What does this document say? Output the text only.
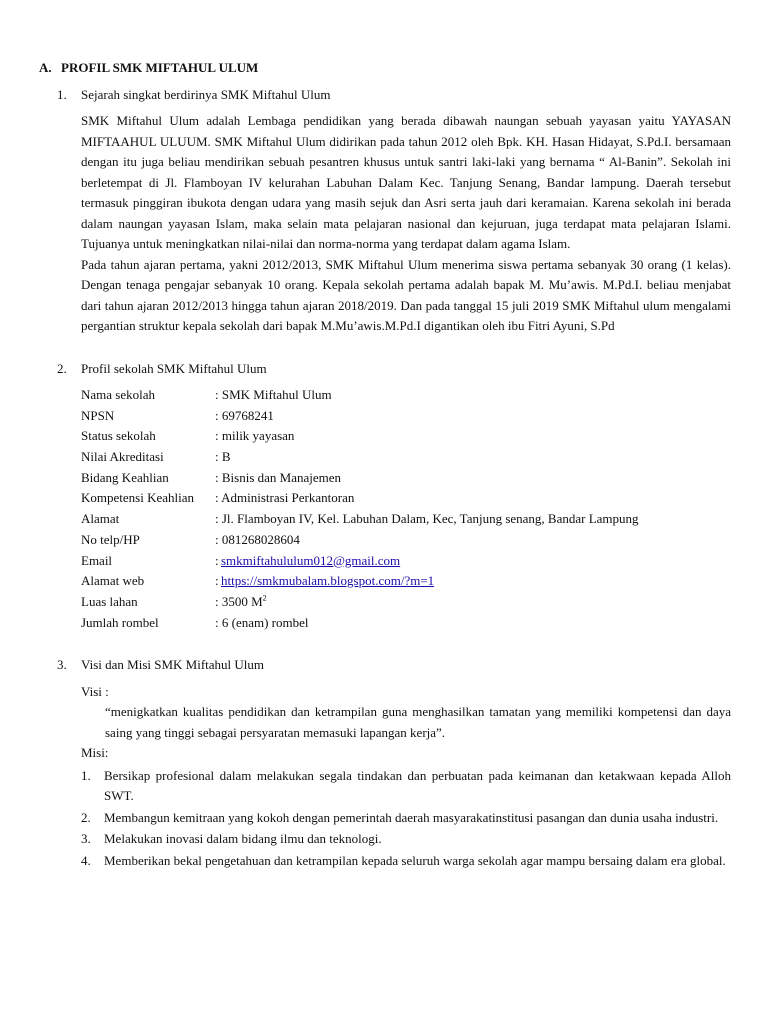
A. PROFIL SMK MIFTAHUL ULUM
1.	Sejarah singkat berdirinya SMK Miftahul Ulum

SMK Miftahul Ulum adalah Lembaga pendidikan yang berada dibawah naungan sebuah yayasan yaitu YAYASAN MIFTAAHUL ULUUM. SMK Miftahul Ulum didirikan pada tahun 2012 oleh Bpk. KH. Hasan Hidayat, S.Pd.I. bersamaan dengan itu juga beliau mendirikan sebuah pesantren khusus untuk santri laki-laki yang bernama “ Al-Banin”. Sekolah ini berletempat di Jl. Flamboyan IV kelurahan Labuhan Dalam Kec. Tanjung Senang, Bandar lampung. Daerah tersebut termasuk pinggiran ibukota dengan udara yang masih sejuk dan Asri serta jauh dari keramaian. Karena sekolah ini berada dalam naungan yayasan Islam, maka selain mata pelajaran nasional dan kejuruan, juga terdapat mata pelajaran Islami. Tujuanya untuk meningkatkan nilai-nilai dan norma-norma yang terdapat dalam agama Islam.

Pada tahun ajaran pertama, yakni 2012/2013, SMK Miftahul Ulum menerima siswa pertama sebanyak 30 orang (1 kelas). Dengan tenaga pengajar sebanyak 10 orang. Kepala sekolah pertama adalah bapak M. Mu’awis. M.Pd.I. beliau menjabat dari tahun ajaran 2012/2013 hingga tahun ajaran 2018/2019. Dan pada tanggal 15 juli 2019 SMK Miftahul ulum mengalami pergantian struktur kepala sekolah dari bapak M.Mu’awis.M.Pd.I digantikan oleh ibu Fitri Ayuni, S.Pd

2.	Profil sekolah SMK Miftahul Ulum
Nama sekolah	: SMK Miftahul Ulum
NPSN	: 69768241
Status sekolah	: milik yayasan
Nilai Akreditasi	: B
Bidang Keahlian	: Bisnis dan Manajemen
Kompetensi Keahlian	: Administrasi Perkantoran
Alamat	: Jl. Flamboyan IV, Kel. Labuhan Dalam, Kec, Tanjung senang, Bandar Lampung
No telp/HP	: 081268028604
Email	: smkmiftahululum012@gmail.com
Alamat web	: https://smkmubalam.blogspot.com/?m=1
Luas lahan	: 3500 $M^2$
Jumlah rombel	: 6 (enam) rombel
3.	Visi dan Misi SMK Miftahul Ulum
Visi :
“menigkatkan kualitas pendidikan dan ketrampilan guna menghasilkan tamatan yang memiliki kompetensi dan daya saing yang tinggi sebagai persyaratan memasuki lapangan kerja”.
Misi:
1.	Bersikap profesional dalam melakukan segala tindakan dan perbuatan pada keimanan dan ketakwaan kepada Alloh SWT.
2.	Membangun kemitraan yang kokoh dengan pemerintah daerah masyarakatinstitusi pasangan dan dunia usaha industri.
3.	Melakukan inovasi dalam bidang ilmu dan teknologi.
4.	Memberikan bekal pengetahuan dan ketrampilan kepada seluruh warga sekolah agar mampu bersaing dalam era global.
